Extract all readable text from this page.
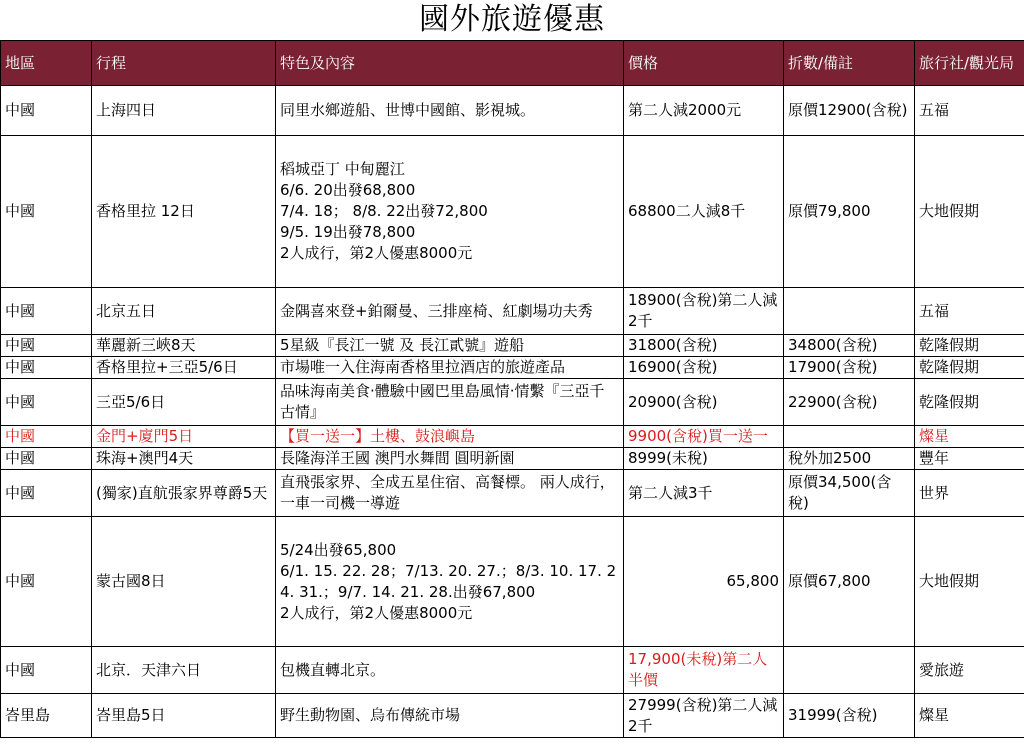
國外旅遊優惠
地區	行程	特色及內容	價格	折數/備註	旅行社/觀光局
中國	上海四日	同里水鄉遊船、世博中國館、影視城。	第二人減2000元	原價12900(含稅)	五福
中國	香格里拉 12日	稻城亞丁 中甸麗江
6/6. 20出發68,800
7/4. 18； 8/8. 22出發72,800
9/5. 19出發78,800
2人成行，第2人優惠8000元	68800二人減8千	原價79,800	大地假期
中國	北京五日	金隅喜來登+鉑爾曼、三排座椅、紅劇場功夫秀	18900(含稅)第二人減2千		五福
中國	華麗新三峽8天	5星級『長江一號 及 長江貳號』遊船	31800(含稅)	34800(含稅)	乾隆假期
中國	香格里拉+三亞5/6日	市場唯一入住海南香格里拉酒店的旅遊產品	16900(含稅)	17900(含稅)	乾隆假期
中國	三亞5/6日	品味海南美食‧體驗中國巴里島風情‧情繫『三亞千古情』	20900(含稅)	22900(含稅)	乾隆假期
中國	金門+廈門5日	【買一送一】土樓、鼓浪嶼島	9900(含稅)買一送一		燦星
中國	珠海+澳門4天	長隆海洋王國 澳門水舞間 圓明新園	8999(未稅)	稅外加2500	豐年
中國	(獨家)直航張家界尊爵5天	直飛張家界、全成五星住宿、高餐標。 兩人成行，一車一司機一導遊	第二人減3千	原價34,500(含稅)	世界
中國	蒙古國8日	5/24出發65,800
6/1. 15. 22. 28；7/13. 20. 27.；8/3. 10. 17. 24. 31.；9/7. 14. 21. 28.出發67,800
2人成行，第2人優惠8000元	65,800	原價67,800	大地假期
中國	北京．天津六日	包機直轉北京。	17,900(未稅)第二人半價		愛旅遊
峇里島	峇里島5日	野生動物園、烏布傳統市場	27999(含稅)第二人減2千	31999(含稅)	燦星
